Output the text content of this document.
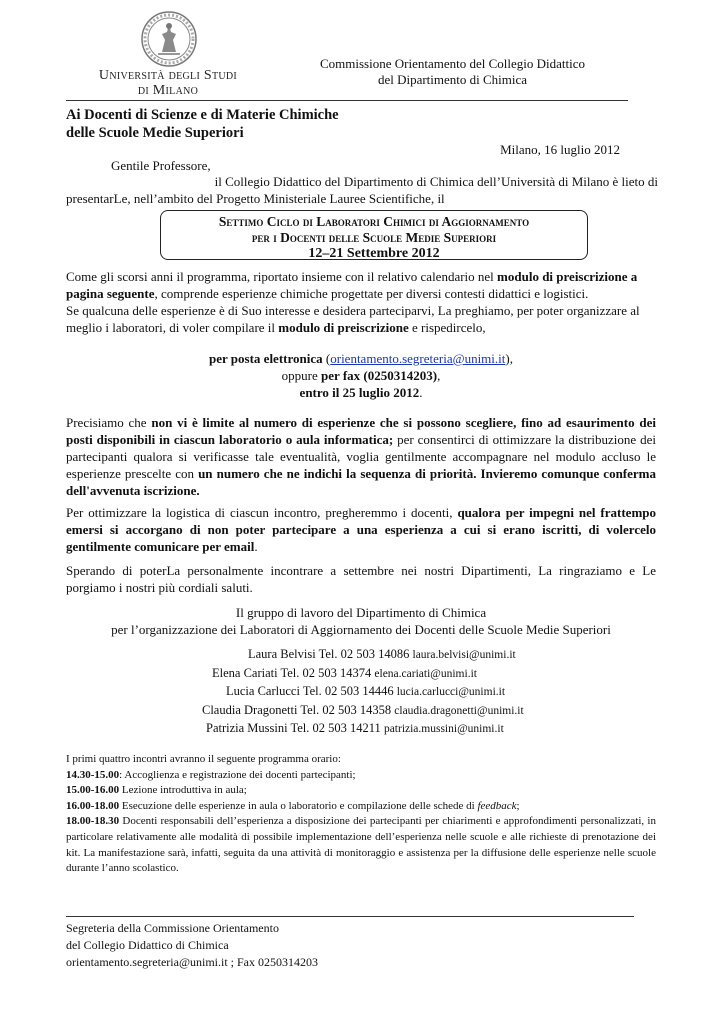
Università degli Studi
di Milano
Commissione Orientamento del Collegio Didattico
del Dipartimento di Chimica
Ai Docenti di Scienze e di Materie Chimiche
delle Scuole Medie Superiori
Milano, 16 luglio 2012
Gentile Professore,
il Collegio Didattico del Dipartimento di Chimica dell’Università di Milano è lieto di
presentarLe, nell’ambito del Progetto Ministeriale Lauree Scientifiche, il
Settimo Ciclo di Laboratori Chimici di Aggiornamento
per i Docenti delle Scuole Medie Superiori
12–21 Settembre 2012
Come gli scorsi anni il programma, riportato insieme con il relativo calendario nel modulo di preiscrizione a pagina seguente, comprende esperienze chimiche progettate per diversi contesti didattici e logistici.
Se qualcuna delle esperienze è di Suo interesse e desidera parteciparvi, La preghiamo, per poter organizzare al meglio i laboratori, di voler compilare il modulo di preiscrizione e rispedircelo,
per posta elettronica (orientamento.segreteria@unimi.it),
oppure per fax (0250314203),
entro il 25 luglio 2012.
Precisiamo che non vi è limite al numero di esperienze che si possono scegliere, fino ad esaurimento dei posti disponibili in ciascun laboratorio o aula informatica; per consentirci di ottimizzare la distribuzione dei partecipanti qualora si verificasse tale eventualità, voglia gentilmente accompagnare nel modulo accluso le esperienze prescelte con un numero che ne indichi la sequenza di priorità. Invieremo comunque conferma dell'avvenuta iscrizione.
Per ottimizzare la logistica di ciascun incontro, pregheremmo i docenti, qualora per impegni nel frattempo emersi si accorgano di non poter partecipare a una esperienza a cui si erano iscritti, di volercelo gentilmente comunicare per email.
Sperando di poterLa personalmente incontrare a settembre nei nostri Dipartimenti, La ringraziamo e Le porgiamo i nostri più cordiali saluti.
Il gruppo di lavoro del Dipartimento di Chimica
per l’organizzazione dei Laboratori di Aggiornamento dei Docenti delle Scuole Medie Superiori
Laura Belvisi Tel. 02 503 14086 laura.belvisi@unimi.it
Elena Cariati Tel. 02 503 14374 elena.cariati@unimi.it
Lucia Carlucci Tel. 02 503 14446 lucia.carlucci@unimi.it
Claudia Dragonetti Tel. 02 503 14358 claudia.dragonetti@unimi.it
Patrizia Mussini Tel. 02 503 14211 patrizia.mussini@unimi.it
I primi quattro incontri avranno il seguente programma orario:
14.30-15.00: Accoglienza e registrazione dei docenti partecipanti;
15.00-16.00 Lezione introduttiva in aula;
16.00-18.00 Esecuzione delle esperienze in aula o laboratorio e compilazione delle schede di feedback;
18.00-18.30 Docenti responsabili dell’esperienza a disposizione dei partecipanti per chiarimenti e approfondimenti personalizzati, in particolare relativamente alle modalità di possibile implementazione dell’esperienza nelle scuole e alle richieste di prenotazione dei kit. La manifestazione sarà, infatti, seguita da una attività di monitoraggio e assistenza per la diffusione delle esperienze nelle scuole durante l’anno scolastico.
Segreteria della Commissione Orientamento
del Collegio Didattico di Chimica
orientamento.segreteria@unimi.it ; Fax 0250314203
